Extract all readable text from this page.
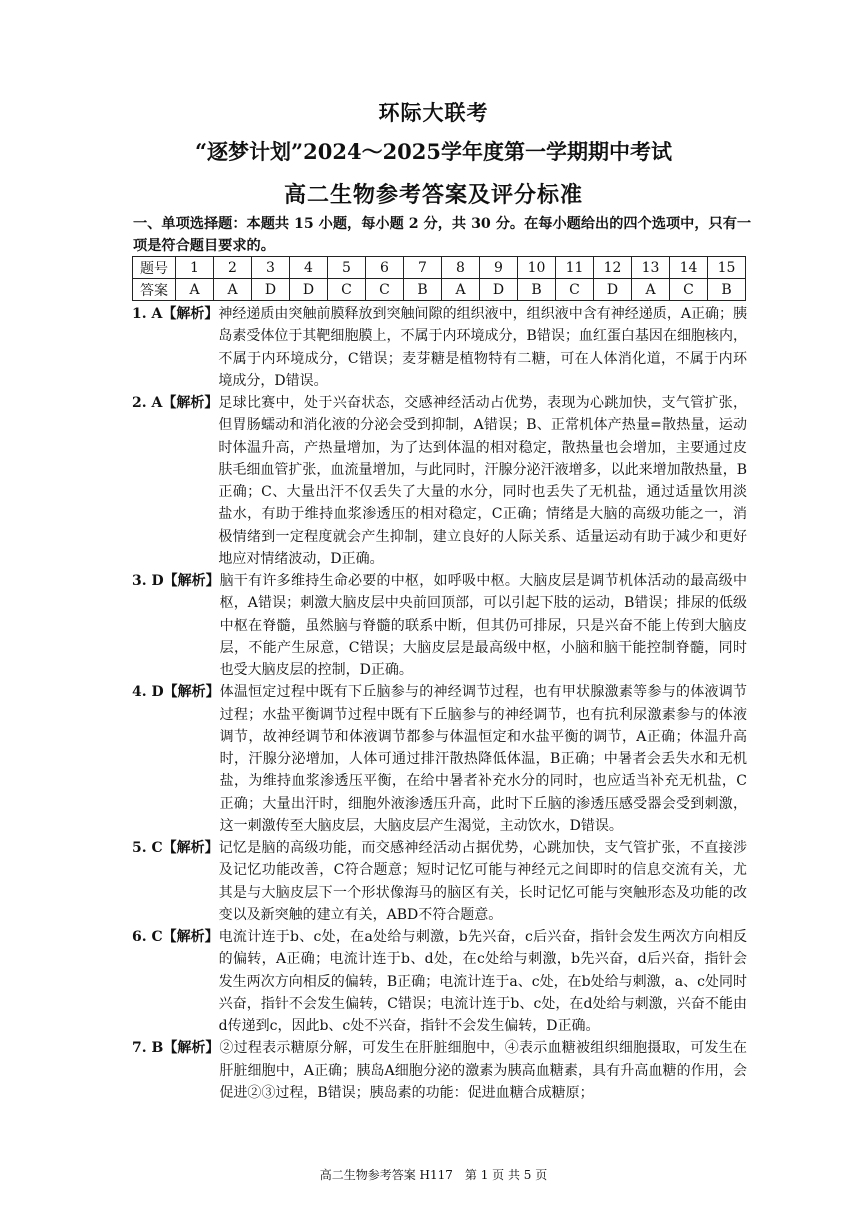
环际大联考
“逐梦计划”2024～2025学年度第一学期期中考试
高二生物参考答案及评分标准

一、单项选择题：本题共 15 小题，每小题 2 分，共 30 分。在每小题给出的四个选项中，只有一项是符合题目要求的。

题号	1	2	3	4	5	6	7	8	9	10	11	12	13	14	15
答案	A	A	D	D	C	C	B	A	D	B	C	D	A	C	B
1. A【解析】 神经递质由突触前膜释放到突触间隙的组织液中，组织液中含有神经递质，A正确；胰岛素受体位于其靶细胞膜上，不属于内环境成分，B错误；血红蛋白基因在细胞核内，不属于内环境成分，C错误；麦芽糖是植物特有二糖，可在人体消化道，不属于内环境成分，D错误。
2. A【解析】 足球比赛中，处于兴奋状态，交感神经活动占优势，表现为心跳加快，支气管扩张，但胃肠蠕动和消化液的分泌会受到抑制，A错误；B、正常机体产热量=散热量，运动时体温升高，产热量增加，为了达到体温的相对稳定，散热量也会增加，主要通过皮肤毛细血管扩张，血流量增加，与此同时，汗腺分泌汗液增多，以此来增加散热量，B正确；C、大量出汗不仅丢失了大量的水分，同时也丢失了无机盐，通过适量饮用淡盐水，有助于维持血浆渗透压的相对稳定，C正确；情绪是大脑的高级功能之一，消极情绪到一定程度就会产生抑制，建立良好的人际关系、适量运动有助于减少和更好地应对情绪波动，D正确。
3. D【解析】 脑干有许多维持生命必要的中枢，如呼吸中枢。大脑皮层是调节机体活动的最高级中枢，A错误；刺激大脑皮层中央前回顶部，可以引起下肢的运动，B错误；排尿的低级中枢在脊髓，虽然脑与脊髓的联系中断，但其仍可排尿，只是兴奋不能上传到大脑皮层，不能产生尿意，C错误；大脑皮层是最高级中枢，小脑和脑干能控制脊髓，同时也受大脑皮层的控制，D正确。
4. D【解析】 体温恒定过程中既有下丘脑参与的神经调节过程，也有甲状腺激素等参与的体液调节过程；水盐平衡调节过程中既有下丘脑参与的神经调节，也有抗利尿激素参与的体液调节，故神经调节和体液调节都参与体温恒定和水盐平衡的调节，A正确；体温升高时，汗腺分泌增加，人体可通过排汗散热降低体温，B正确；中暑者会丢失水和无机盐，为维持血浆渗透压平衡，在给中暑者补充水分的同时，也应适当补充无机盐，C正确；大量出汗时，细胞外液渗透压升高，此时下丘脑的渗透压感受器会受到刺激，这一刺激传至大脑皮层，大脑皮层产生渴觉，主动饮水，D错误。
5. C【解析】 记忆是脑的高级功能，而交感神经活动占据优势，心跳加快，支气管扩张，不直接涉及记忆功能改善，C符合题意；短时记忆可能与神经元之间即时的信息交流有关，尤其是与大脑皮层下一个形状像海马的脑区有关，长时记忆可能与突触形态及功能的改变以及新突触的建立有关，ABD不符合题意。
6. C【解析】 电流计连于b、c处，在a处给与刺激，b先兴奋，c后兴奋，指针会发生两次方向相反的偏转，A正确；电流计连于b、d处，在c处给与刺激，b先兴奋，d后兴奋，指针会发生两次方向相反的偏转，B正确；电流计连于a、c处，在b处给与刺激，a、c处同时兴奋，指针不会发生偏转，C错误；电流计连于b、c处，在d处给与刺激，兴奋不能由d传递到c，因此b、c处不兴奋，指针不会发生偏转，D正确。
7. B【解析】 ②过程表示糖原分解，可发生在肝脏细胞中，④表示血糖被组织细胞摄取，可发生在肝脏细胞中，A正确；胰岛A细胞分泌的激素为胰高血糖素，具有升高血糖的作用，会促进②③过程，B错误；胰岛素的功能：促进血糖合成糖原；
高二生物参考答案 H117　第 1 页 共 5 页
